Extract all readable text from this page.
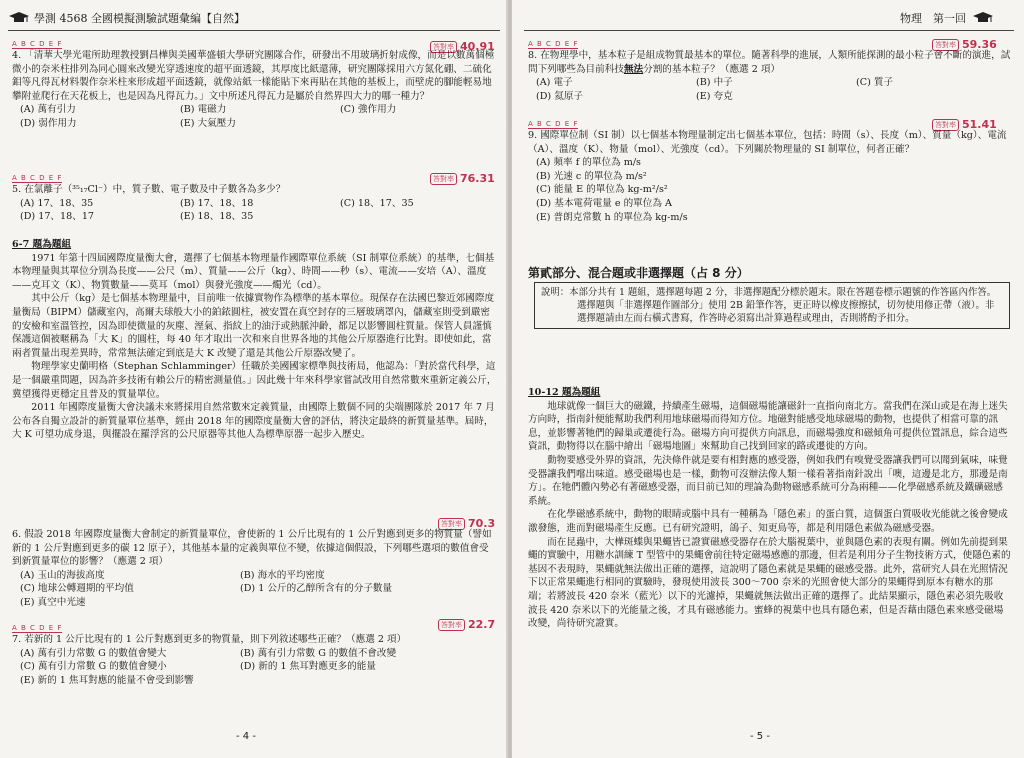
學測 4568 全國模擬測驗試題彙編【自然】
答對率 40.91
A B C D E F
4. 「清華大學光電所助理教授劉昌樺與美國華盛頓大學研究團隊合作，研發出不用玻璃折射成像，而是以數萬個極微小的奈米柱排列為同心圓來改變光穿透速度的超平面透鏡，其厚度比紙還薄，研究團隊採用六方氮化硼、二硫化鉬等凡得瓦材料製作奈米柱來形成超平面透鏡，就像站紙一樣能貼下來再貼在其他的基板上，而壁虎的腳能輕易地攀附並爬行在天花板上，也是因為凡得瓦力。」文中所述凡得瓦力是屬於自然界四大力的哪一種力？
(A) 萬有引力	(B) 電磁力	(C) 強作用力
(D) 弱作用力	(E) 大氣壓力
答對率 76.31
A B C D E F
5. 在氯離子（³⁵₁₇Cl⁻）中，質子數、電子數及中子數各為多少？
(A) 17、18、35	(B) 17、18、18	(C) 18、17、35
(D) 17、18、17	(E) 18、18、35
6-7 題為題組
1971 年第十四屆國際度量衡大會，選擇了七個基本物理量作國際單位系統（SI 制單位系統）的基準，七個基本物理量與其單位分別為長度——公尺（m）、質量——公斤（kg）、時間——秒（s）、電流——安培（A）、溫度——克耳文（K）、物質數量——莫耳（mol）與發光強度——燭光（cd）。
其中公斤（kg）是七個基本物理量中，目前唯一依據實物作為標準的基本單位。現保存在法國巴黎近郊國際度量衡局（BIPM）儲藏室內，高爾夫球般大小的鉑銥圓柱，被安置在真空封存的三層玻璃罩內，儲藏室則受到嚴密的安檢和室溫管控，因為即使微量的灰塵、溼氣、指紋上的油汙或熱脈沖齡，都足以影響圓柱質量。保管人員謹慎保護這個被暱稱為「大 K」的圓柱，每 40 年才取出一次和來自世界各地的其他公斤原器進行比對。即使如此，當兩者質量出現差異時，常常無法確定到底是大 K 改變了還是其他公斤原器改變了。
物理學家史蘭明格（Stephan Schlamminger）任職於美國國家標準與技術局，他認為：「對於當代科學，這是一個嚴重問題，因為許多技術有賴公斤的精密測量值。」因此幾十年來科學家嘗試改用自然常數來重新定義公斤，冀望獲得更穩定且普及的質量單位。
2011 年國際度量衡大會決議未來將採用自然常數來定義質量，由國際上數個不同的尖端團隊於 2017 年 7 月公布各自獨立設計的新質量單位基準，經由 2018 年的國際度量衡大會的評估，將決定最終的新質量基準。屆時，大 K 可望功成身退，與擺設在羅浮宮的公尺原器等其他人為標準原器一起步入歷史。
答對率 70.3
6. 假設 2018 年國際度量衡大會制定的新質量單位，會使新的 1 公斤比現有的 1 公斤對應到更多的物質量（譬如新的 1 公斤對應到更多的碳 12 原子），其他基本量的定義與單位不變，依據這個假設，下列哪些選項的數值會受到新質量單位的影響？（應選 2 項）
(A) 玉山的海拔高度	(B) 海水的平均密度
(C) 地球公轉週期的平均值	(D) 1 公斤的乙醇所含有的分子數量
(E) 真空中光速
答對率 22.7
A B C D E F
7. 若新的 1 公斤比現有的 1 公斤對應到更多的物質量，則下列敘述哪些正確？（應選 2 項）
(A) 萬有引力常數 G 的數值會變大	(B) 萬有引力常數 G 的數值不會改變
(C) 萬有引力常數 G 的數值會變小	(D) 新的 1 焦耳對應更多的能量
(E) 新的 1 焦耳對應的能量不會受到影響
- 4 -
物理　第一回
答對率 59.36
A B C D E F
8. 在物理學中，基本粒子是組成物質最基本的單位。隨著科學的進展，人類所能探測的最小粒子會不斷的演進，試問下列哪些為目前科技無法分割的基本粒子？（應選 2 項）
(A) 電子	(B) 中子	(C) 質子
(D) 氦原子	(E) 夸克
答對率 51.41
A B C D E F
9. 國際單位制（SI 制）以七個基本物理量制定出七個基本單位，包括：時間（s）、長度（m）、質量（kg）、電流（A）、溫度（K）、物量（mol）、光強度（cd）。下列關於物理量的 SI 制單位，何者正確？
(A) 頻率 f 的單位為 m/s
(B) 光速 c 的單位為 m/s²
(C) 能量 E 的單位為 kg-m²/s²
(D) 基本電荷電量 e 的單位為 A
(E) 普朗克常數 h 的單位為 kg-m/s
第貳部分、混合題或非選擇題（占 8 分）
說明：本部分共有 1 題組，選擇題每題 2 分，非選擇題配分標於題末。限在答題卷標示題號的作答區內作答。
選擇題與「非選擇題作圖部分」使用 2B 鉛筆作答，更正時以橡皮擦擦拭，切勿使用修正帶（液）。非選擇題請由左而右橫式書寫，作答時必須寫出計算過程或理由，否則將酌予扣分。
10-12 題為題組
地球就像一個巨大的磁鐵，持續產生磁場，這個磁場能讓磁針一直指向南北方。當我們在深山或是在海上迷失方向時，指南針便能幫助我們利用地球磁場而得知方位。地磁對能感受地球磁場的動物，也提供了相當可靠的訊息，並影響著牠們的歸巢或遷徙行為。磁場方向可提供方向訊息，而磁場強度和磁傾角可提供位置訊息，綜合這些資訊，動物得以在腦中繪出「磁場地圖」來幫助自己找到回家的路或遷徙的方向。
動物要感受外界的資訊，先決條件就是要有相對應的感受器，例如我們有嗅覺受器讓我們可以聞到氣味，味覺受器讓我們嚐出味道。感受磁場也是一樣，動物可沒辦法像人類一樣看著指南針說出「噢，這邊是北方，那邊是南方」。在牠們體內勢必有著磁感受器，而目前已知的理論為動物磁感系統可分為兩種——化學磁感系統及鐵礦磁感系統。
在化學磁感系統中，動物的眼睛或腦中具有一種稱為「隱色素」的蛋白質，這個蛋白質吸收光能就之後會變成激發態，進而對磁場產生反應。已有研究證明，鴿子、知更鳥等，都是利用隱色素做為磁感受器。
而在昆蟲中，大樺斑蝶與果蠅皆已證實磁感受器存在於大腦視葉中，並與隱色素的表現有關。例如先前提到果蠅的實驗中，用糖水訓練 T 型管中的果蠅會前往特定磁場感應的那邊，但若是利用分子生物技術方式，使隱色素的基因不表現時，果蠅就無法做出正確的選擇，這說明了隱色素就是果蠅的磁感受器。此外，當研究人員在光照情況下以正常果蠅進行相同的實驗時，發現使用波長 300～700 奈米的光照會使大部分的果蠅得到原本有糖水的那端；若將波長 420 奈米（藍光）以下的光濾掉，果蠅就無法做出正確的選擇了。此結果顯示，隱色素必須先吸收波長 420 奈米以下的光能量之後，才具有磁感能力。蜜蜂的視葉中也具有隱色素，但是否藉由隱色素來感受磁場改變，尚待研究證實。
- 5 -
